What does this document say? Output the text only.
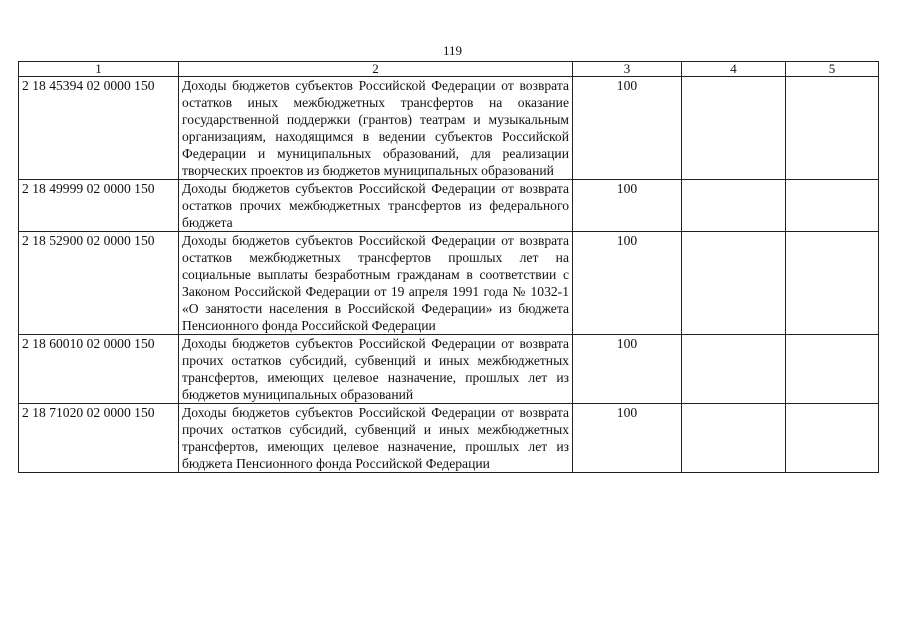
119
1	2	3	4	5
2 18 45394 02 0000 150	Доходы бюджетов субъектов Российской Федерации от возврата остатков иных межбюджетных трансфертов на оказание государственной поддержки (грантов) театрам и музыкальным организациям, находящимся в ведении субъектов Российской Федерации и муниципальных образований, для реализации творческих проектов из бюджетов муниципальных образований	100		
2 18 49999 02 0000 150	Доходы бюджетов субъектов Российской Федерации от возврата остатков прочих межбюджетных трансфертов из федерального бюджета	100		
2 18 52900 02 0000 150	Доходы бюджетов субъектов Российской Федерации от возврата остатков межбюджетных трансфертов прошлых лет на социальные выплаты безработным гражданам в соответствии с Законом Российской Федерации от 19 апреля 1991 года № 1032-1 «О занятости населения в Российской Федерации» из бюджета Пенсионного фонда Российской Федерации	100		
2 18 60010 02 0000 150	Доходы бюджетов субъектов Российской Федерации от возврата прочих остатков субсидий, субвенций и иных межбюджетных трансфертов, имеющих целевое назначение, прошлых лет из бюджетов муниципальных образований	100		
2 18 71020 02 0000 150	Доходы бюджетов субъектов Российской Федерации от возврата прочих остатков субсидий, субвенций и иных межбюджетных трансфертов, имеющих целевое назначение, прошлых лет из бюджета Пенсионного фонда Российской Федерации	100		
